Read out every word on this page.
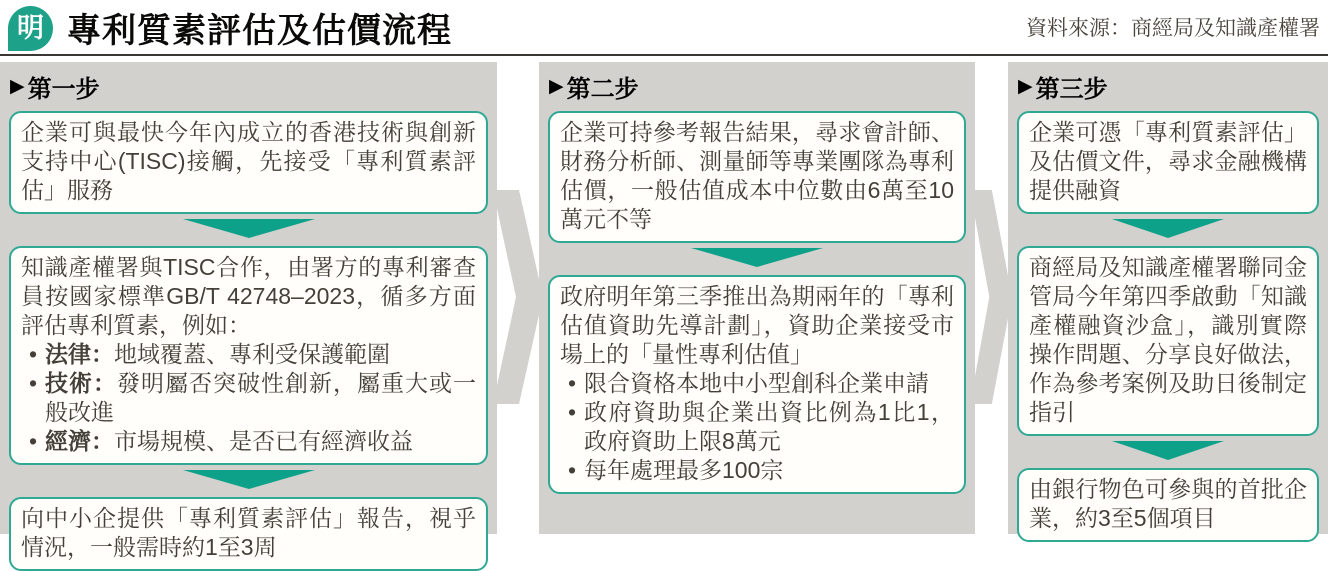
明 專利質素評估及估價流程	資料來源：商經局及知識產權署
▶ 第一步

企業可與最快今年內成立的香港技術與創新支持中心(TISC)接觸，先接受「專利質素評估」服務

知識產權署與TISC合作，由署方的專利審查員按國家標準GB/T 42748–2023，循多方面評估專利質素，例如：

• 法律：地域覆蓋、專利受保護範圍

• 技術：發明屬否突破性創新，屬重大或一般改進

• 經濟：市場規模、是否已有經濟收益

向中小企提供「專利質素評估」報告，視乎情況，一般需時約1至3周

▶ 第二步

企業可持參考報告結果，尋求會計師、財務分析師、測量師等專業團隊為專利估價，一般估值成本中位數由6萬至10萬元不等

政府明年第三季推出為期兩年的「專利估值資助先導計劃」，資助企業接受市場上的「量性專利估值」

• 限合資格本地中小型創科企業申請

• 政府資助與企業出資比例為1比1，政府資助上限8萬元

• 每年處理最多100宗

▶ 第三步

企業可憑「專利質素評估」及估價文件，尋求金融機構提供融資

商經局及知識產權署聯同金管局今年第四季啟動「知識產權融資沙盒」，識別實際操作問題、分享良好做法，作為參考案例及助日後制定指引

由銀行物色可參與的首批企業，約3至5個項目
